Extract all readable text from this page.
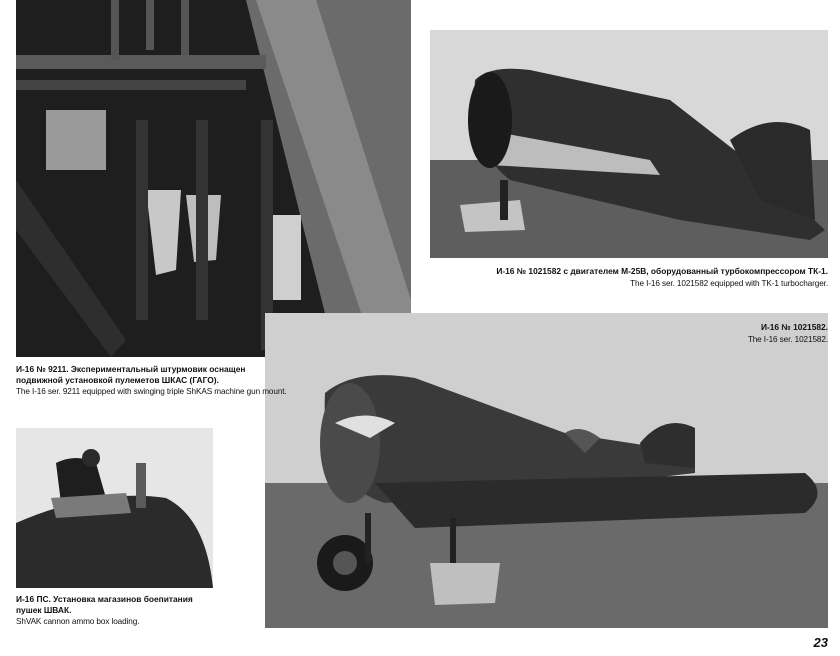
И-16 № 9211. Экспериментальный штурмовик оснащен подвижной установкой пулеметов ШКАС (ГАГО).
The I-16 ser. 9211 equipped with swinging triple ShKAS machine gun mount.
И-16 № 1021582 с двигателем М-25В, оборудованный турбокомпрессором ТК-1.
The I-16 ser. 1021582 equipped with TK-1 turbocharger.
И-16 № 1021582.
The I-16 ser. 1021582.
И-16 ПС. Установка магазинов боепитания пушек ШВАК.
ShVAK cannon ammo box loading.
23
